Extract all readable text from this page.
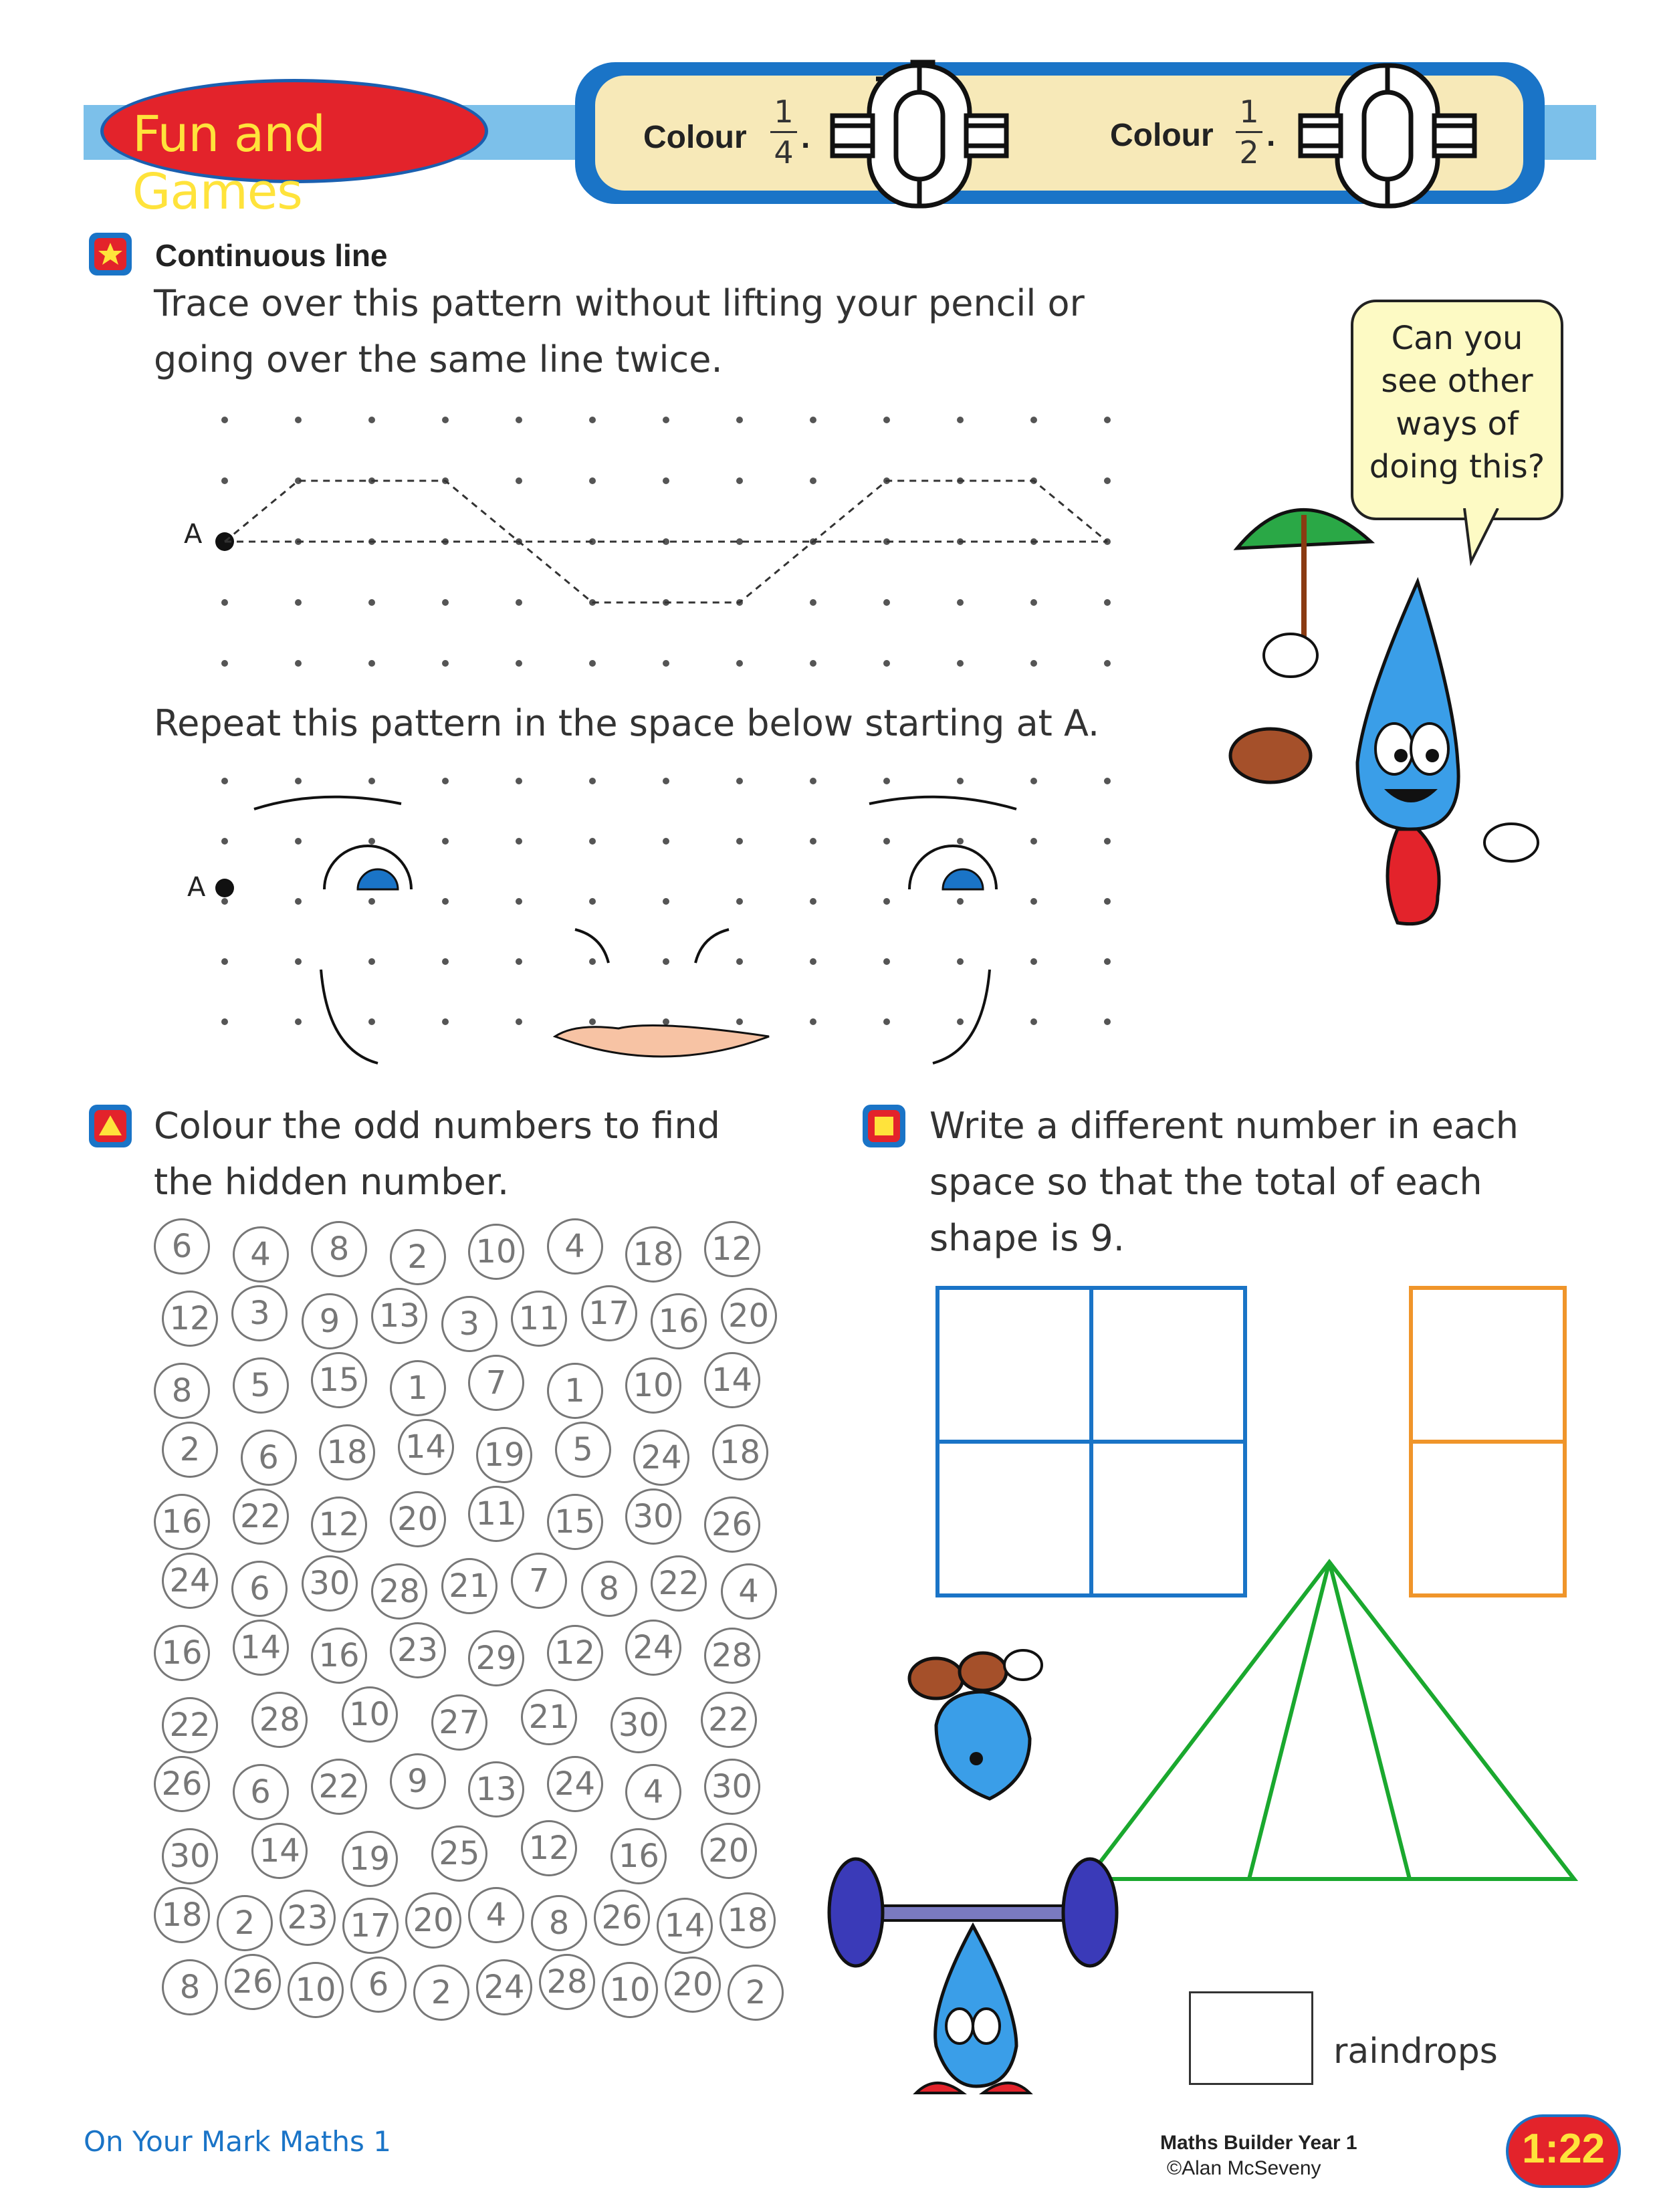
Fun and Games
Colour
1
4 .	Colour
1
2 .
Continuous line
Trace over this pattern without lifting your pencil or
going over the same line twice.
A
Repeat this pattern in the space below starting at A.
A
Can you
see other
ways of
doing this?
Colour the odd numbers to find
the hidden number.
6	4	8	2	10	4	18 12
12	3	9	13	3	11 17 16 20
8	5	15	1	7	1	10 14
2	6	18 14 19	5	24 18
16 22 12 20 11 15 30 26
24	6	30 28 21	7	8	22	4
16 14 16 23 29 12 24 28
22 28 10 27 21 30 22
26	6	22	9	13 24	4	30
30 14 19 25 12 16 20
18	2	23 17 20	4	8	26 14 18
8	26 10	6	2	24 28 10 20	2
Write a different number in each
space so that the total of each
shape is 9.
raindrops
On Your Mark Maths 1	Maths Builder Year 1
©Alan McSeveny	1:22
